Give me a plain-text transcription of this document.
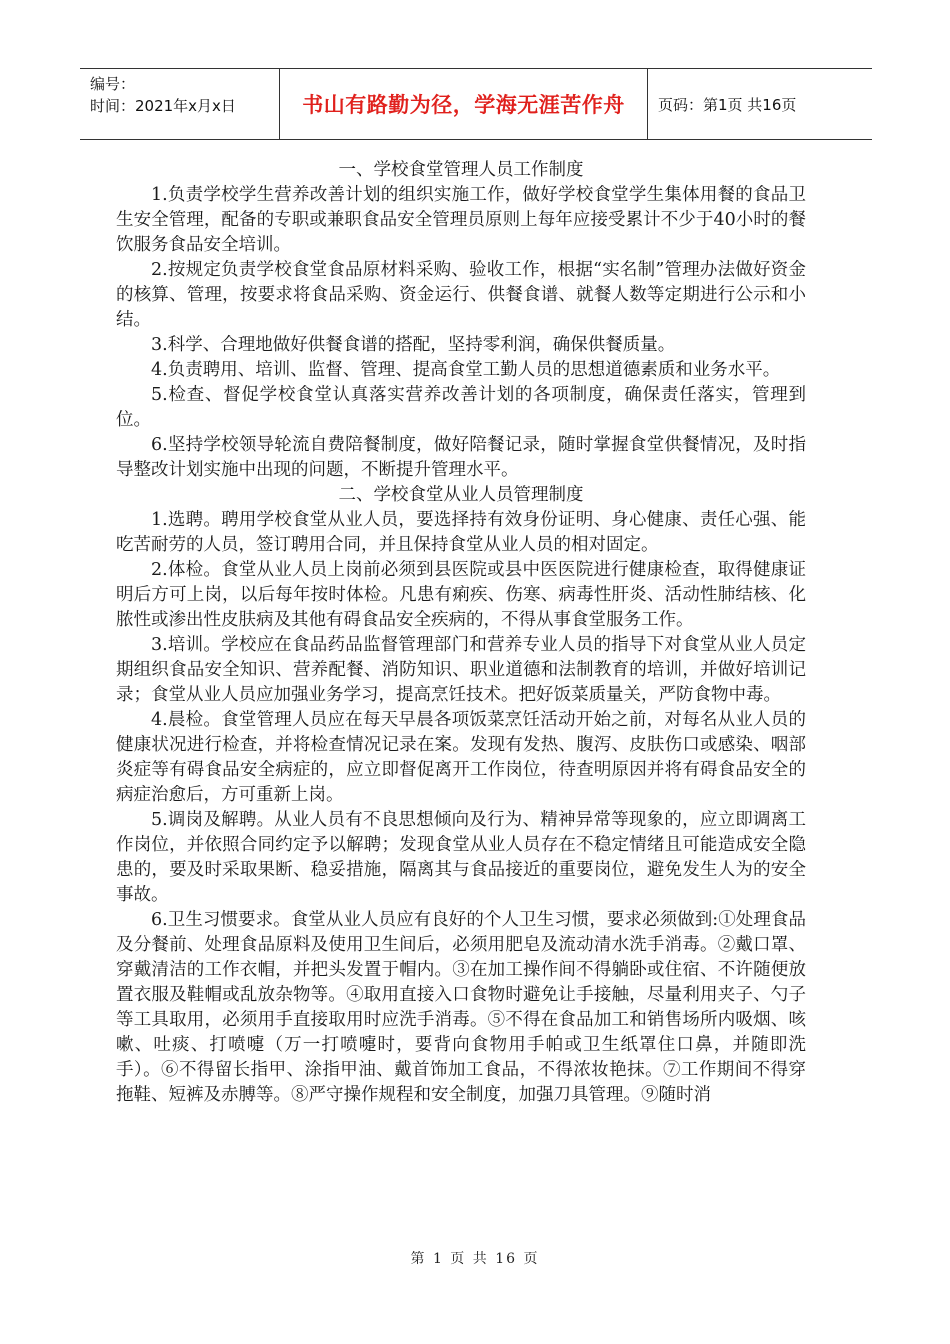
编号：
时间：2021年x月x日	书山有路勤为径，学海无涯苦作舟	页码：第1页 共16页

一、学校食堂管理人员工作制度

1.负责学校学生营养改善计划的组织实施工作，做好学校食堂学生集体用餐的食品卫生安全管理，配备的专职或兼职食品安全管理员原则上每年应接受累计不少于40小时的餐饮服务食品安全培训。

2.按规定负责学校食堂食品原材料采购、验收工作，根据“实名制”管理办法做好资金的核算、管理，按要求将食品采购、资金运行、供餐食谱、就餐人数等定期进行公示和小结。

3.科学、合理地做好供餐食谱的搭配，坚持零利润，确保供餐质量。

4.负责聘用、培训、监督、管理、提高食堂工勤人员的思想道德素质和业务水平。

5.检查、督促学校食堂认真落实营养改善计划的各项制度，确保责任落实，管理到位。

6.坚持学校领导轮流自费陪餐制度，做好陪餐记录，随时掌握食堂供餐情况，及时指导整改计划实施中出现的问题，不断提升管理水平。

二、学校食堂从业人员管理制度

1.选聘。聘用学校食堂从业人员，要选择持有效身份证明、身心健康、责任心强、能吃苦耐劳的人员，签订聘用合同，并且保持食堂从业人员的相对固定。

2.体检。食堂从业人员上岗前必须到县医院或县中医医院进行健康检查，取得健康证明后方可上岗，以后每年按时体检。凡患有痢疾、伤寒、病毒性肝炎、活动性肺结核、化脓性或渗出性皮肤病及其他有碍食品安全疾病的，不得从事食堂服务工作。

3.培训。学校应在食品药品监督管理部门和营养专业人员的指导下对食堂从业人员定期组织食品安全知识、营养配餐、消防知识、职业道德和法制教育的培训，并做好培训记录；食堂从业人员应加强业务学习，提高烹饪技术。把好饭菜质量关，严防食物中毒。

4.晨检。食堂管理人员应在每天早晨各项饭菜烹饪活动开始之前，对每名从业人员的健康状况进行检查，并将检查情况记录在案。发现有发热、腹泻、皮肤伤口或感染、咽部炎症等有碍食品安全病症的，应立即督促离开工作岗位，待查明原因并将有碍食品安全的病症治愈后，方可重新上岗。

5.调岗及解聘。从业人员有不良思想倾向及行为、精神异常等现象的，应立即调离工作岗位，并依照合同约定予以解聘；发现食堂从业人员存在不稳定情绪且可能造成安全隐患的，要及时采取果断、稳妥措施，隔离其与食品接近的重要岗位，避免发生人为的安全事故。

6.卫生习惯要求。食堂从业人员应有良好的个人卫生习惯，要求必须做到:①处理食品及分餐前、处理食品原料及使用卫生间后，必须用肥皂及流动清水洗手消毒。②戴口罩、穿戴清洁的工作衣帽，并把头发置于帽内。③在加工操作间不得躺卧或住宿、不许随便放置衣服及鞋帽或乱放杂物等。④取用直接入口食物时避免让手接触，尽量利用夹子、勺子等工具取用，必须用手直接取用时应洗手消毒。⑤不得在食品加工和销售场所内吸烟、咳嗽、吐痰、打喷嚏（万一打喷嚏时，要背向食物用手帕或卫生纸罩住口鼻，并随即洗手）。⑥不得留长指甲、涂指甲油、戴首饰加工食品，不得浓妆艳抹。⑦工作期间不得穿拖鞋、短裤及赤膊等。⑧严守操作规程和安全制度，加强刀具管理。⑨随时消

第 1 页 共 16 页
